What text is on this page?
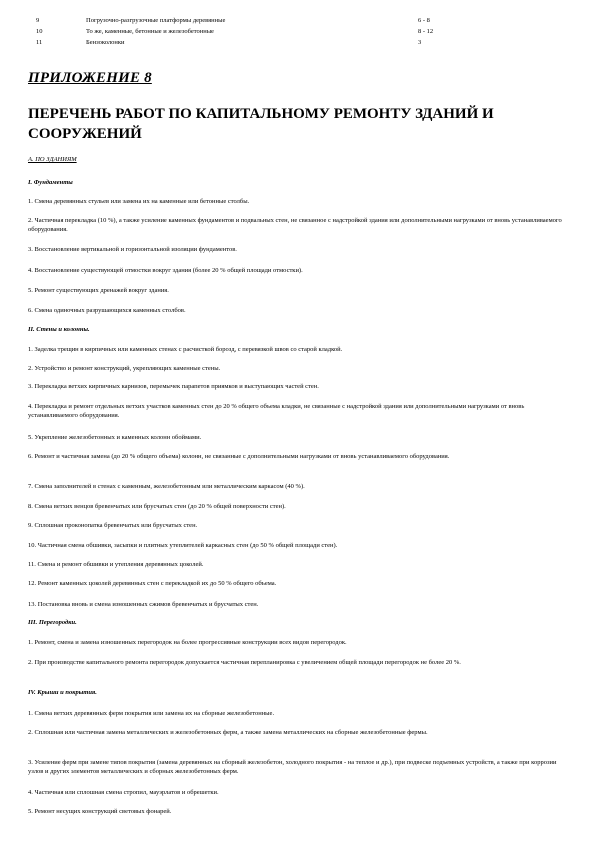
9	Погрузочно-разгрузочные платформы деревянные	6 - 8
10	То же, каменные, бетонные и железобетонные	8 - 12
11	Бензоколонки	3
ПРИЛОЖЕНИЕ 8
ПЕРЕЧЕНЬ РАБОТ ПО КАПИТАЛЬНОМУ РЕМОНТУ ЗДАНИЙ И СООРУЖЕНИЙ
А. ПО ЗДАНИЯМ
I. Фундаменты
1. Смена деревянных стульев или замена их на каменные или бетонные столбы.
2. Частичная перекладка (10 %), а также усиление каменных фундаментов и подвальных стен, не связанное с надстройкой здания или дополнительными нагрузками от вновь устанавливаемого оборудования.
3. Восстановление вертикальной и горизонтальной изоляции фундаментов.
4. Восстановление существующей отмостки вокруг здания (более 20 % общей площади отмостки).
5. Ремонт существующих дренажей вокруг здания.
6. Смена одиночных разрушающихся каменных столбов.
II. Стены и колонны.
1. Заделка трещин в кирпичных или каменных стенах с расчисткой борозд, с перевязкой швов со старой кладкой.
2. Устройство и ремонт конструкций, укрепляющих каменные стены.
3. Перекладка ветхих кирпичных карнизов, перемычек парапетов приямков и выступающих частей стен.
4. Перекладка и ремонт отдельных ветхих участков каменных стен до 20 % общего объема кладки, не связанные с надстройкой здания или дополнительными нагрузками от вновь устанавливаемого оборудования.
5. Укрепление железобетонных и каменных колонн обоймами.
6. Ремонт и частичная замена (до 20 % общего объема) колонн, не связанные с дополнительными нагрузками от вновь устанавливаемого оборудования.
7. Смена заполнителей в стенах с каменным, железобетонным или металлическим каркасом (40 %).
8. Смена ветхих венцов бревенчатых или брусчатых стен (до 20 % общей поверхности стен).
9. Сплошная проконопатка бревенчатых или брусчатых стен.
10. Частичная смена обшивки, засыпки и плитных утеплителей каркасных стен (до 50 % общей площади стен).
11. Смена и ремонт обшивки и утепления деревянных цоколей.
12. Ремонт каменных цоколей деревянных стен с перекладкой их до 50 % общего объема.
13. Постановка вновь и смена изношенных сжимов бревенчатых и брусчатых стен.
III. Перегородки.
1. Ремонт, смена и замена изношенных перегородок на более прогрессивные конструкции всех видов перегородок.
2. При производстве капитального ремонта перегородок допускается частичная перепланировка с увеличением общей площади перегородок не более 20 %.
IV. Крыши и покрытия.
1. Смена ветхих деревянных ферм покрытия или замена их на сборные железобетонные.
2. Сплошная или частичная замена металлических и железобетонных ферм, а также замена металлических на сборные железобетонные фермы.
3. Усиление ферм при замене типов покрытия (замена деревянных на сборный железобетон, холодного покрытия - на теплое и др.), при подвеске подъемных устройств, а также при коррозии узлов и других элементов металлических и сборных железобетонных ферм.
4. Частичная или сплошная смена стропил, мауэрлатов и обрешетки.
5. Ремонт несущих конструкций световых фонарей.
